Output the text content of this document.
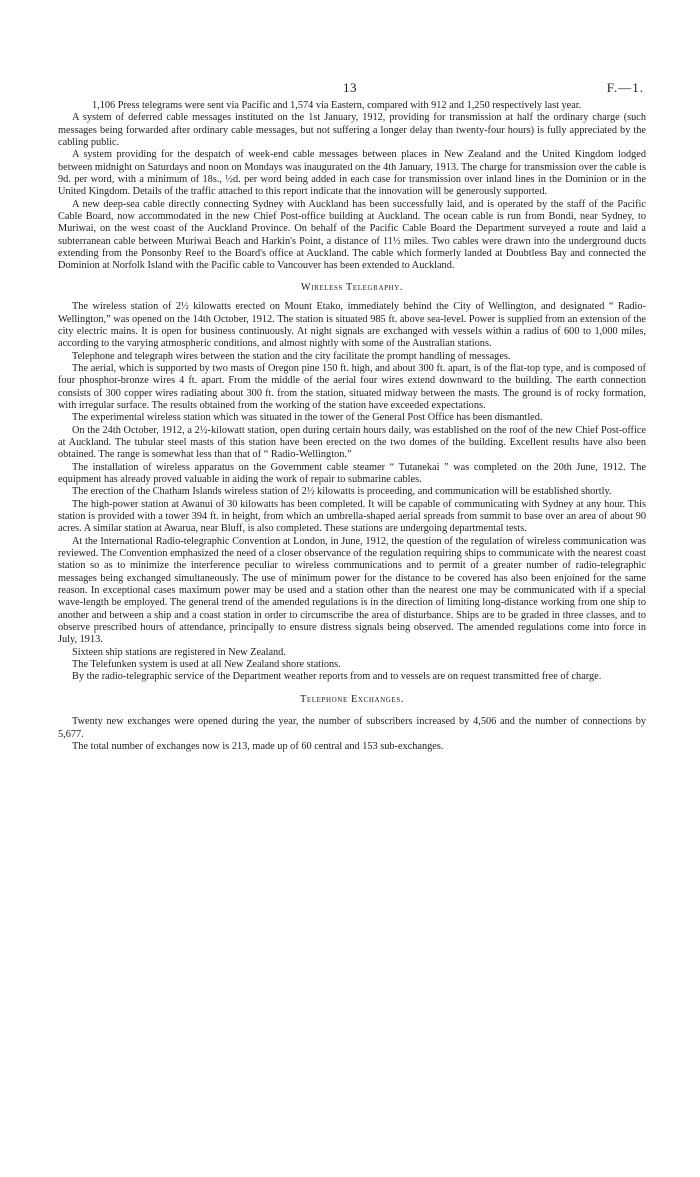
13	F.—1.

1,106 Press telegrams were sent via Pacific and 1,574 via Eastern, compared with 912 and 1,250 respectively last year.

A system of deferred cable messages instituted on the 1st January, 1912, providing for transmission at half the ordinary charge (such messages being forwarded after ordinary cable messages, but not suffering a longer delay than twenty-four hours) is fully appreciated by the cabling public.

A system providing for the despatch of week-end cable messages between places in New Zealand and the United Kingdom lodged between midnight on Saturdays and noon on Mondays was inaugurated on the 4th January, 1913. The charge for transmission over the cable is 9d. per word, with a minimum of 18s., ½d. per word being added in each case for transmission over inland lines in the Dominion or in the United Kingdom. Details of the traffic attached to this report indicate that the innovation will be generously supported.

A new deep-sea cable directly connecting Sydney with Auckland has been successfully laid, and is operated by the staff of the Pacific Cable Board, now accommodated in the new Chief Post-office building at Auckland. The ocean cable is run from Bondi, near Sydney, to Muriwai, on the west coast of the Auckland Province. On behalf of the Pacific Cable Board the Department surveyed a route and laid a subterranean cable between Muriwai Beach and Harkin's Point, a distance of 11½ miles. Two cables were drawn into the underground ducts extending from the Ponsonby Reef to the Board's office at Auckland. The cable which formerly landed at Doubtless Bay and connected the Dominion at Norfolk Island with the Pacific cable to Vancouver has been extended to Auckland.

Wireless Telegraphy.

The wireless station of 2½ kilowatts erected on Mount Etako, immediately behind the City of Wellington, and designated “ Radio-Wellington,” was opened on the 14th October, 1912. The station is situated 985 ft. above sea-level. Power is supplied from an extension of the city electric mains. It is open for business continuously. At night signals are exchanged with vessels within a radius of 600 to 1,000 miles, according to the varying atmospheric conditions, and almost nightly with some of the Australian stations.

Telephone and telegraph wires between the station and the city facilitate the prompt handling of messages.

The aerial, which is supported by two masts of Oregon pine 150 ft. high, and about 300 ft. apart, is of the flat-top type, and is composed of four phosphor-bronze wires 4 ft. apart. From the middle of the aerial four wires extend downward to the building. The earth connection consists of 300 copper wires radiating about 300 ft. from the station, situated midway between the masts. The ground is of rocky formation, with irregular surface. The results obtained from the working of the station have exceeded expectations.

The experimental wireless station which was situated in the tower of the General Post Office has been dismantled.

On the 24th October, 1912, a 2½-kilowatt station, open during certain hours daily, was established on the roof of the new Chief Post-office at Auckland. The tubular steel masts of this station have been erected on the two domes of the building. Excellent results have also been obtained. The range is somewhat less than that of “ Radio-Wellington.”

The installation of wireless apparatus on the Government cable steamer “ Tutanekai ” was completed on the 20th June, 1912. The equipment has already proved valuable in aiding the work of repair to submarine cables.

The erection of the Chatham Islands wireless station of 2½ kilowatts is proceeding, and communication will be established shortly.

The high-power station at Awanui of 30 kilowatts has been completed. It will be capable of communicating with Sydney at any hour. This station is provided with a tower 394 ft. in height, from which an umbrella-shaped aerial spreads from summit to base over an area of about 90 acres. A similar station at Awarua, near Bluff, is also completed. These stations are undergoing departmental tests.

At the International Radio-telegraphic Convention at London, in June, 1912, the question of the regulation of wireless communication was reviewed. The Convention emphasized the need of a closer observance of the regulation requiring ships to communicate with the nearest coast station so as to minimize the interference peculiar to wireless communications and to permit of a greater number of radio-telegraphic messages being exchanged simultaneously. The use of minimum power for the distance to be covered has also been enjoined for the same reason. In exceptional cases maximum power may be used and a station other than the nearest one may be communicated with if a special wave-length be employed. The general trend of the amended regulations is in the direction of limiting long-distance working from one ship to another and between a ship and a coast station in order to circumscribe the area of disturbance. Ships are to be graded in three classes, and to observe prescribed hours of attendance, principally to ensure distress signals being observed. The amended regulations come into force in July, 1913.

Sixteen ship stations are registered in New Zealand.

The Telefunken system is used at all New Zealand shore stations.

By the radio-telegraphic service of the Department weather reports from and to vessels are on request transmitted free of charge.

Telephone Exchanges.

Twenty new exchanges were opened during the year, the number of subscribers increased by 4,506 and the number of connections by 5,677.

The total number of exchanges now is 213, made up of 60 central and 153 sub-exchanges.
